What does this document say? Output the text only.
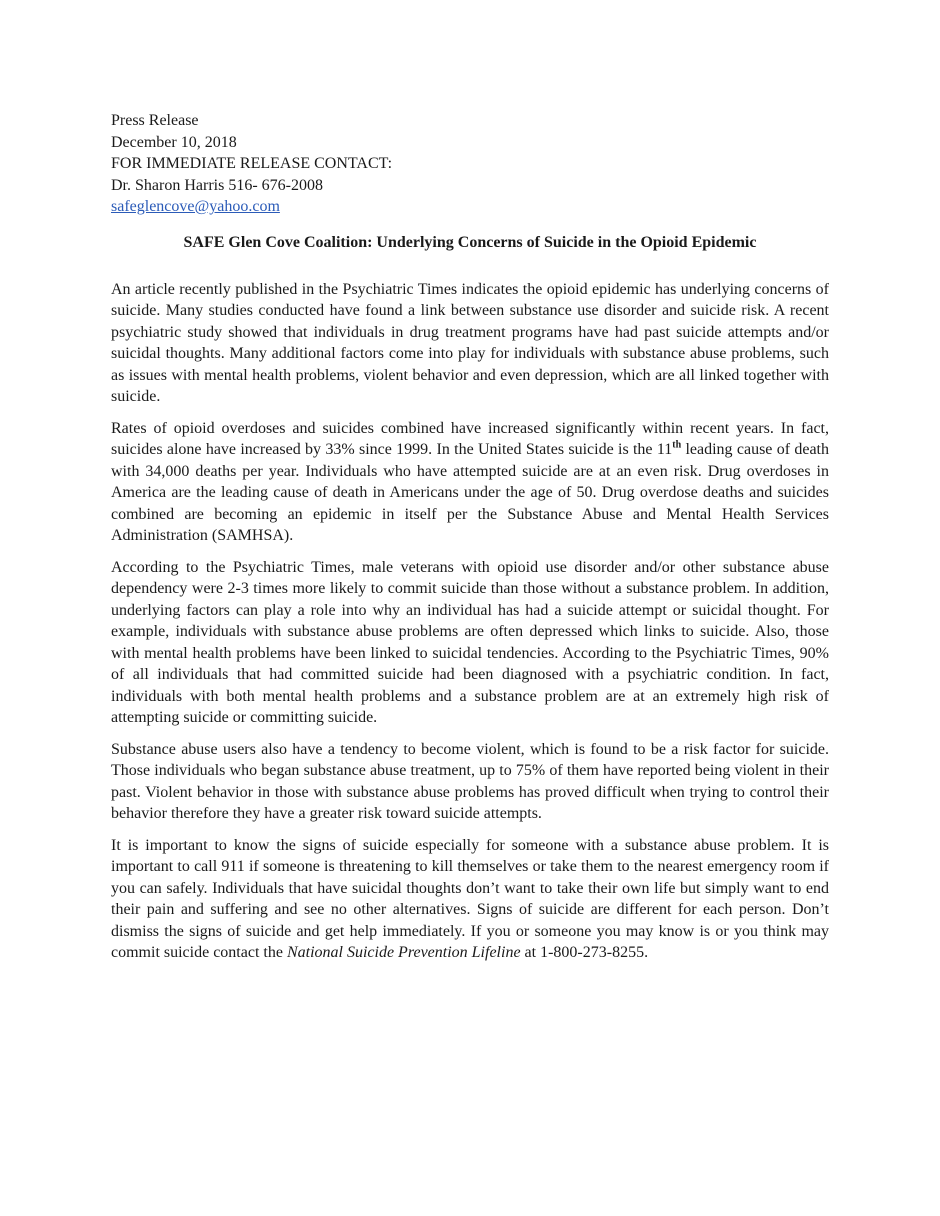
Press Release
December 10, 2018
FOR IMMEDIATE RELEASE CONTACT:
Dr. Sharon Harris 516- 676-2008
safeglencove@yahoo.com
SAFE Glen Cove Coalition: Underlying Concerns of Suicide in the Opioid Epidemic

An article recently published in the Psychiatric Times indicates the opioid epidemic has underlying concerns of suicide. Many studies conducted have found a link between substance use disorder and suicide risk. A recent psychiatric study showed that individuals in drug treatment programs have had past suicide attempts and/or suicidal thoughts. Many additional factors come into play for individuals with substance abuse problems, such as issues with mental health problems, violent behavior and even depression, which are all linked together with suicide.

Rates of opioid overdoses and suicides combined have increased significantly within recent years. In fact, suicides alone have increased by 33% since 1999. In the United States suicide is the 11th leading cause of death with 34,000 deaths per year. Individuals who have attempted suicide are at an even risk. Drug overdoses in America are the leading cause of death in Americans under the age of 50. Drug overdose deaths and suicides combined are becoming an epidemic in itself per the Substance Abuse and Mental Health Services Administration (SAMHSA).

According to the Psychiatric Times, male veterans with opioid use disorder and/or other substance abuse dependency were 2-3 times more likely to commit suicide than those without a substance problem. In addition, underlying factors can play a role into why an individual has had a suicide attempt or suicidal thought. For example, individuals with substance abuse problems are often depressed which links to suicide. Also, those with mental health problems have been linked to suicidal tendencies. According to the Psychiatric Times, 90% of all individuals that had committed suicide had been diagnosed with a psychiatric condition. In fact, individuals with both mental health problems and a substance problem are at an extremely high risk of attempting suicide or committing suicide.

Substance abuse users also have a tendency to become violent, which is found to be a risk factor for suicide. Those individuals who began substance abuse treatment, up to 75% of them have reported being violent in their past. Violent behavior in those with substance abuse problems has proved difficult when trying to control their behavior therefore they have a greater risk toward suicide attempts.

It is important to know the signs of suicide especially for someone with a substance abuse problem. It is important to call 911 if someone is threatening to kill themselves or take them to the nearest emergency room if you can safely. Individuals that have suicidal thoughts don’t want to take their own life but simply want to end their pain and suffering and see no other alternatives. Signs of suicide are different for each person. Don’t dismiss the signs of suicide and get help immediately. If you or someone you may know is or you think may commit suicide contact the National Suicide Prevention Lifeline at 1-800-273-8255.
